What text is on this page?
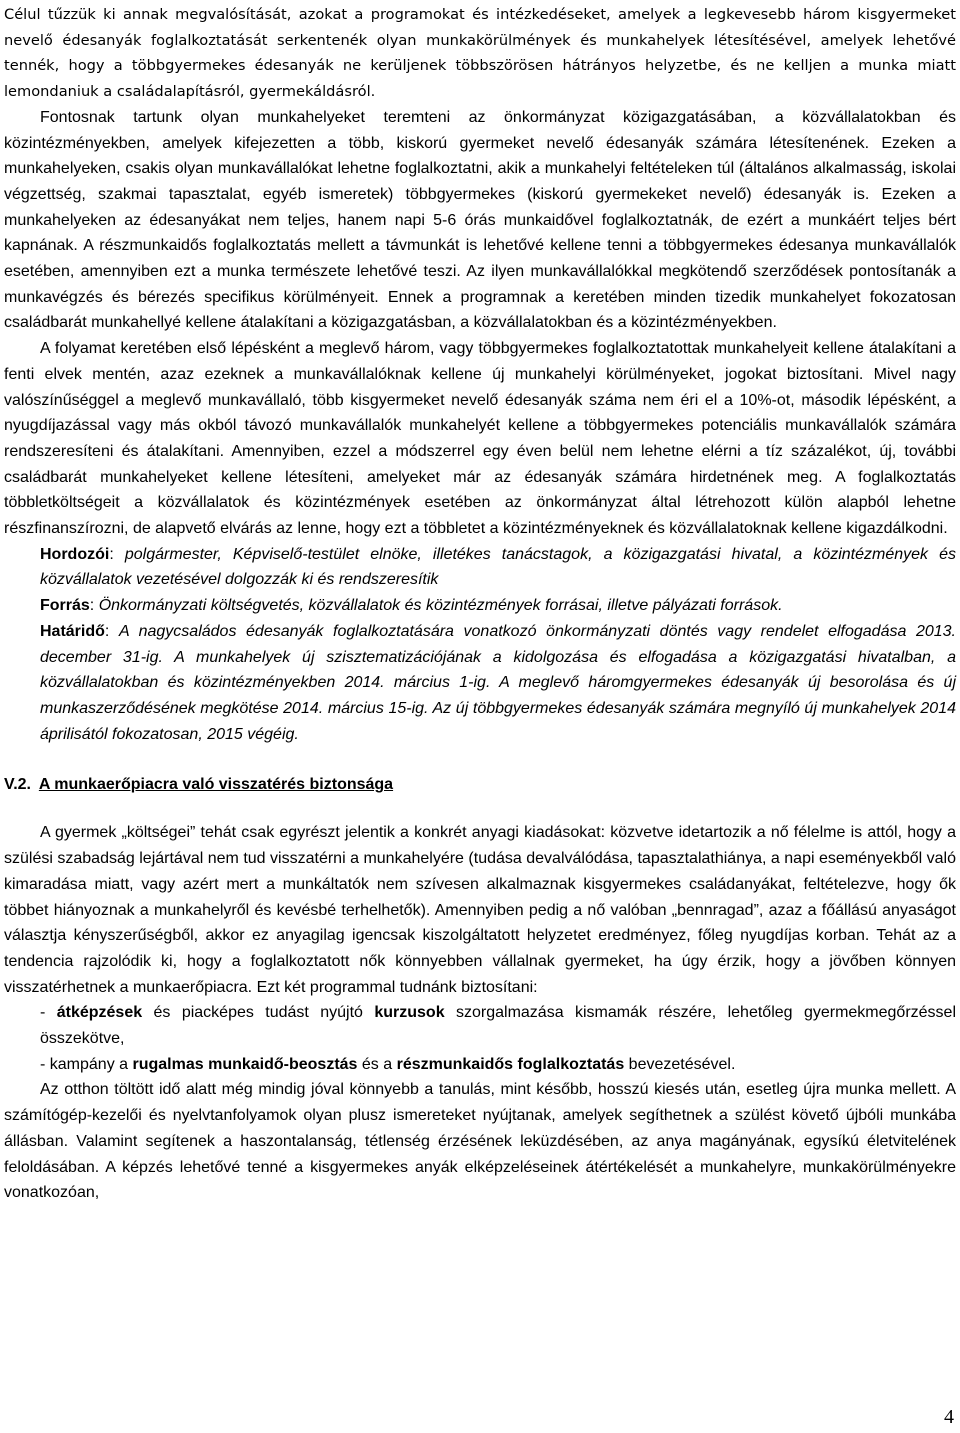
Célul tűzzük ki annak megvalósítását, azokat a programokat és intézkedéseket, amelyek a legkevesebb három kisgyermeket nevelő édesanyák foglalkoztatását serkentenék olyan munkakörülmények és munkahelyek létesítésével, amelyek lehetővé tennék, hogy a többgyermekes édesanyák ne kerüljenek többszörösen hátrányos helyzetbe, és ne kelljen a munka miatt lemondaniuk a családalapításról, gyermekáldásról.

Fontosnak tartunk olyan munkahelyeket teremteni az önkormányzat közigazgatásában, a közvállalatokban és közintézményekben, amelyek kifejezetten a több, kiskorú gyermeket nevelő édesanyák számára létesítenének. Ezeken a munkahelyeken, csakis olyan munkavállalókat lehetne foglalkoztatni, akik a munkahelyi feltételeken túl (általános alkalmasság, iskolai végzettség, szakmai tapasztalat, egyéb ismeretek) többgyermekes (kiskorú gyermekeket nevelő) édesanyák is. Ezeken a munkahelyeken az édesanyákat nem teljes, hanem napi 5-6 órás munkaidővel foglalkoztatnák, de ezért a munkáért teljes bért kapnának. A részmunkaidős foglalkoztatás mellett a távmunkát is lehetővé kellene tenni a többgyermekes édesanya munkavállalók esetében, amennyiben ezt a munka természete lehetővé teszi. Az ilyen munkavállalókkal megkötendő szerződések pontosítanák a munkavégzés és bérezés specifikus körülményeit. Ennek a programnak a keretében minden tizedik munkahelyet fokozatosan családbarát munkahellyé kellene átalakítani a közigazgatásban, a közvállalatokban és a közintézményekben.

A folyamat keretében első lépésként a meglevő három, vagy többgyermekes foglalkoztatottak munkahelyeit kellene átalakítani a fenti elvek mentén, azaz ezeknek a munkavállalóknak kellene új munkahelyi körülményeket, jogokat biztosítani. Mivel nagy valószínűséggel a meglevő munkavállaló, több kisgyermeket nevelő édesanyák száma nem éri el a 10%-ot, második lépésként, a nyugdíjazással vagy más okból távozó munkavállalók munkahelyét kellene a többgyermekes potenciális munkavállalók számára rendszeresíteni és átalakítani. Amennyiben, ezzel a módszerrel egy éven belül nem lehetne elérni a tíz százalékot, új, további családbarát munkahelyeket kellene létesíteni, amelyeket már az édesanyák számára hirdetnének meg. A foglalkoztatás többletköltségeit a közvállalatok és közintézmények esetében az önkormányzat által létrehozott külön alapból lehetne részfinanszírozni, de alapvető elvárás az lenne, hogy ezt a többletet a közintézményeknek és közvállalatoknak kellene kigazdálkodni.

Hordozói: polgármester, Képviselő-testület elnöke, illetékes tanácstagok, a közigazgatási hivatal, a közintézmények és közvállalatok vezetésével dolgozzák ki és rendszeresítik

Forrás: Önkormányzati költségvetés, közvállalatok és közintézmények forrásai, illetve pályázati források.

Határidő: A nagycsaládos édesanyák foglalkoztatására vonatkozó önkormányzati döntés vagy rendelet elfogadása 2013. december 31-ig. A munkahelyek új szisztematizációjának a kidolgozása és elfogadása a közigazgatási hivatalban, a közvállalatokban és közintézményekben 2014. március 1-ig. A meglevő háromgyermekes édesanyák új besorolása és új munkaszerződésének megkötése 2014. március 15-ig. Az új többgyermekes édesanyák számára megnyíló új munkahelyek 2014 áprilisától fokozatosan, 2015 végéig.

V.2. A munkaerőpiacra való visszatérés biztonsága

A gyermek „költségei” tehát csak egyrészt jelentik a konkrét anyagi kiadásokat: közvetve idetartozik a nő félelme is attól, hogy a szülési szabadság lejártával nem tud visszatérni a munkahelyére (tudása devalválódása, tapasztalathiánya, a napi eseményekből való kimaradása miatt, vagy azért mert a munkáltatók nem szívesen alkalmaznak kisgyermekes családanyákat, feltételezve, hogy ők többet hiányoznak a munkahelyről és kevésbé terhelhetők). Amennyiben pedig a nő valóban „bennragad”, azaz a főállású anyaságot választja kényszerűségből, akkor ez anyagilag igencsak kiszolgáltatott helyzetet eredményez, főleg nyugdíjas korban. Tehát az a tendencia rajzolódik ki, hogy a foglalkoztatott nők könnyebben vállalnak gyermeket, ha úgy érzik, hogy a jövőben könnyen visszatérhetnek a munkaerőpiacra. Ezt két programmal tudnánk biztosítani:

- átképzések és piacképes tudást nyújtó kurzusok szorgalmazása kismamák részére, lehetőleg gyermekmegőrzéssel összekötve,

- kampány a rugalmas munkaidő-beosztás és a részmunkaidős foglalkoztatás bevezetésével.

Az otthon töltött idő alatt még mindig jóval könnyebb a tanulás, mint később, hosszú kiesés után, esetleg újra munka mellett. A számítógép-kezelői és nyelvtanfolyamok olyan plusz ismereteket nyújtanak, amelyek segíthetnek a szülést követő újbóli munkába állásban. Valamint segítenek a haszontalanság, tétlenség érzésének leküzdésében, az anya magányának, egysíkú életvitelének feloldásában. A képzés lehetővé tenné a kisgyermekes anyák elképzeléseinek átértékelését a munkahelyre, munkakörülményekre vonatkozóan,

4
